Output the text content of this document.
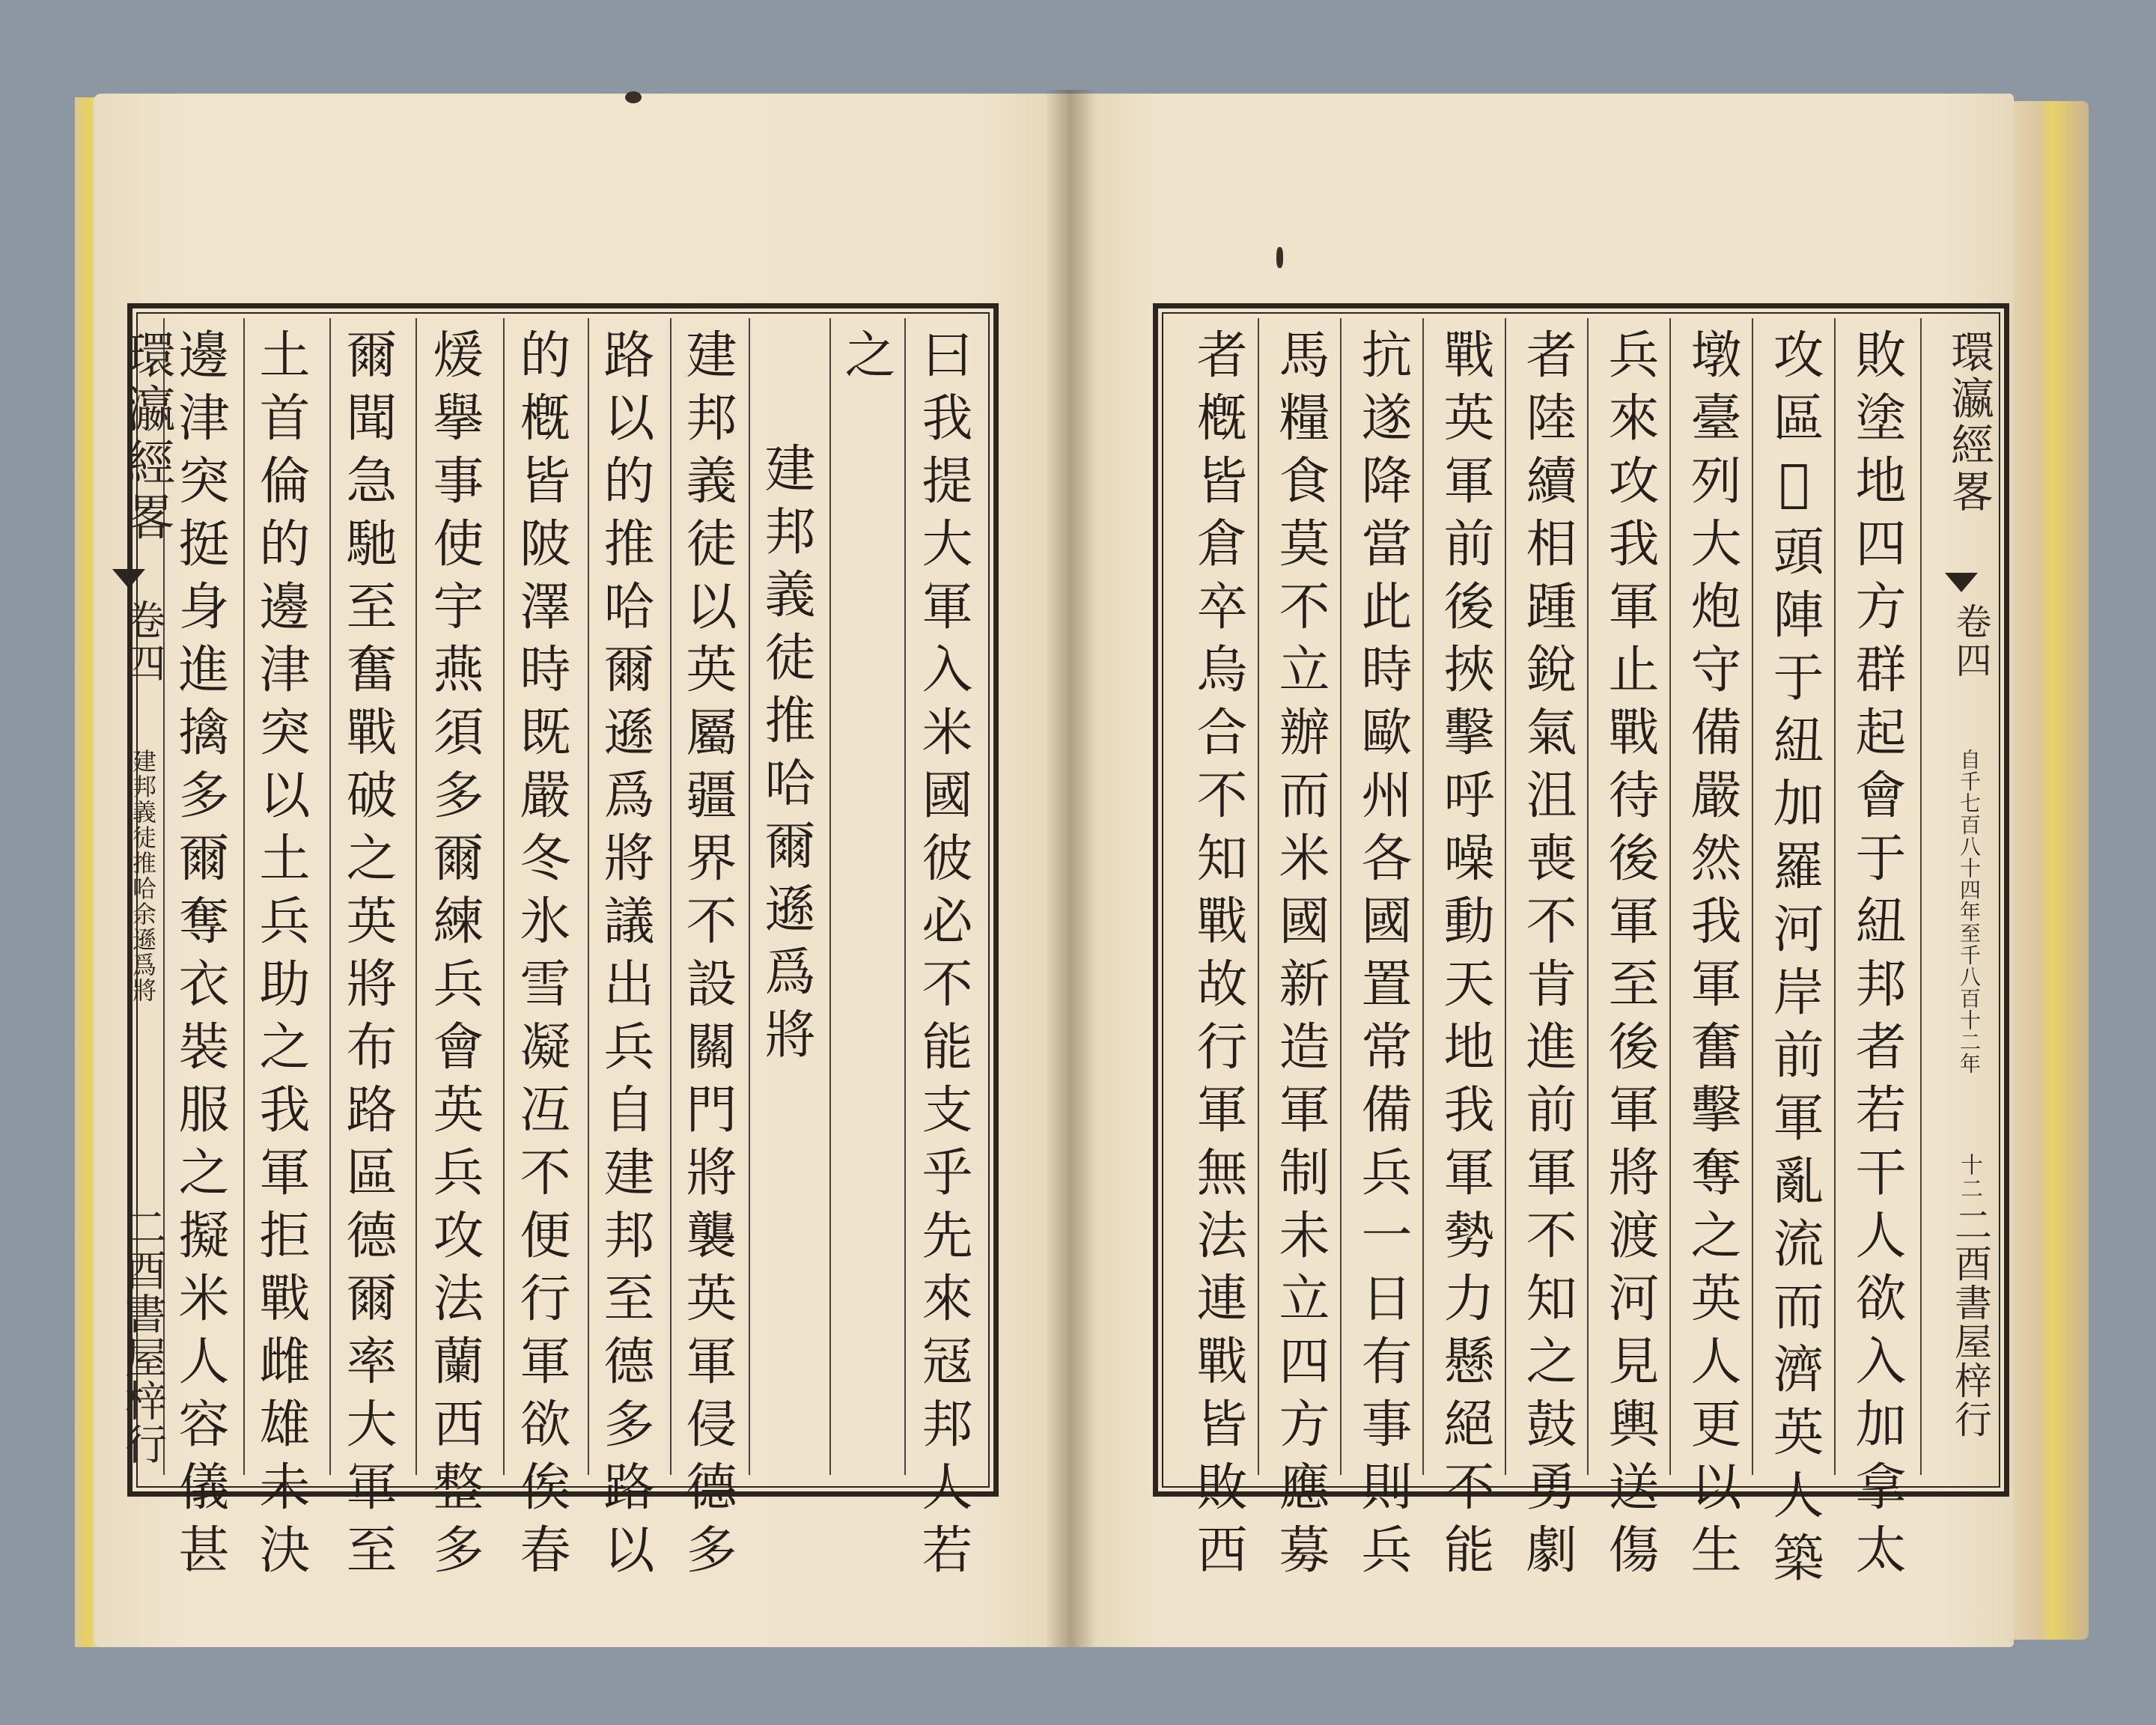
曰我提大軍入米國彼必不能支乎先來冦邦人若
之
建邦義徒推哈爾遜爲將
建邦義徒以英屬疆界不設關門將襲英軍侵德多
路以的推哈爾遜爲將議出兵自建邦至德多路以
的槪皆陂澤時既嚴冬氷雪凝冱不便行軍欲俟春
煖擧事使宇燕須多爾練兵會英兵攻法蘭西整多
爾聞急馳至奮戰破之英將布路區德爾率大軍至
土首倫的邊津突以土兵助之我軍拒戰雌雄未決
邊津突挺身進擒多爾奪衣裝服之擬米人容儀甚
環瀛經畧
卷四
建邦義徒推哈余遜爲將
二酉書屋梓行	敗塗地四方群起會于紐邦者若干人欲入加拿太
攻區𨖝頭陣于紐加羅河岸前軍亂流而濟英人築
墩臺列大炮守備嚴然我軍奮擊奪之英人更以生
兵來攻我軍止戰待後軍至後軍將渡河見輿送傷
者陸續相踵銳氣沮喪不肯進前軍不知之鼓勇劇
戰英軍前後挾擊呼噪動天地我軍勢力懸絕不能
抗遂降當此時歐州各國置常備兵一日有事則兵
馬糧食莫不立辦而米國新造軍制未立四方應募
者槪皆倉卒烏合不知戰故行軍無法連戰皆敗西	環瀛經畧
卷四
自千七百八十四年至千八百十二年
十二
二酉書屋梓行
